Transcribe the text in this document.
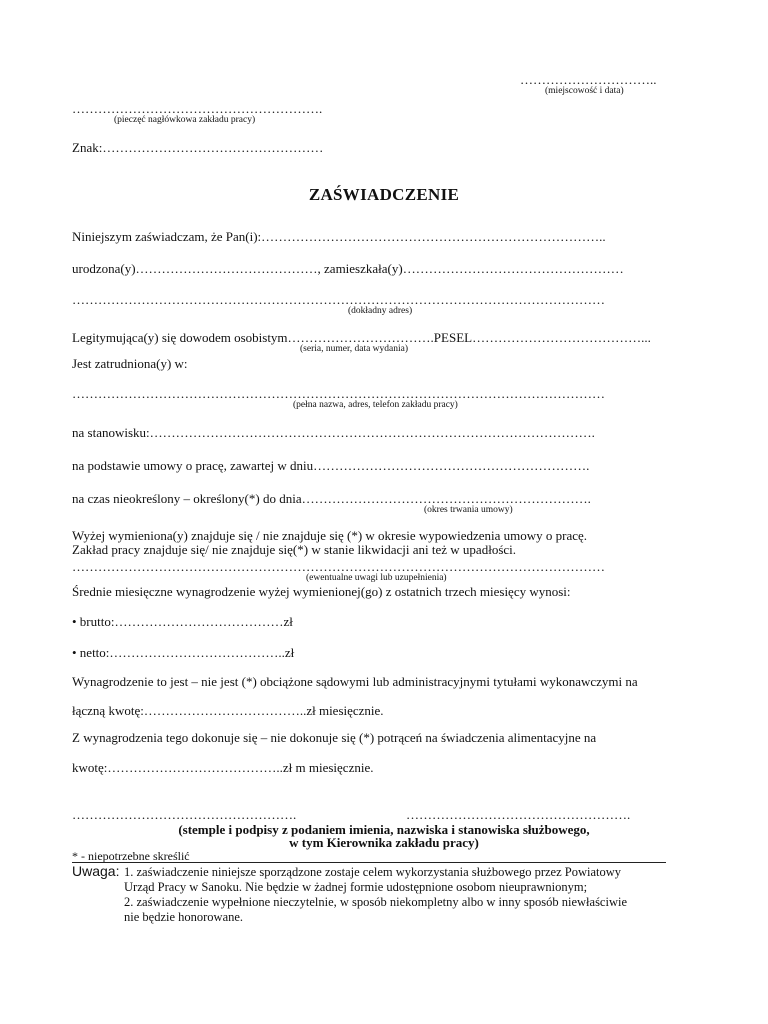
…………………………..
(miejscowość i data)
………………………………………………….
(pieczęć nagłówkowa zakładu pracy)
Znak:……………………………………………
ZAŚWIADCZENIE
Niniejszym zaświadczam, że Pan(i):……………………………………………………………………..
urodzona(y)……………………………………, zamieszkała(y)……………………………………………
……………………………………………………………………………………………………………
(dokładny adres)
Legitymująca(y) się dowodem osobistym…………………………….PESEL…………………………………...
(seria, numer, data wydania)
Jest zatrudniona(y) w:
……………………………………………………………………………………………………………
(pełna nazwa, adres, telefon zakładu pracy)
na stanowisku:………………………………………………………………………………………….
na podstawie umowy o pracę, zawartej w dniu……………………………………………………….
na czas nieokreślony – określony(*) do dnia………………………………………………………….
(okres trwania umowy)
Wyżej wymieniona(y) znajduje się / nie znajduje się (*) w okresie wypowiedzenia umowy o pracę.
Zakład pracy znajduje się/ nie znajduje się(*) w stanie likwidacji ani też w upadłości.
……………………………………………………………………………………………………………
(ewentualne uwagi lub uzupełnienia)
Średnie miesięczne wynagrodzenie wyżej wymienionej(go) z ostatnich trzech miesięcy wynosi:
• brutto:…………………………………zł
• netto:…………………………………..zł
Wynagrodzenie to jest – nie jest (*) obciążone sądowymi lub administracyjnymi tytułami wykonawczymi na
łączną kwotę:………………………………..zł miesięcznie.
Z wynagrodzenia tego dokonuje się – nie dokonuje się (*) potrąceń na świadczenia alimentacyjne na
kwotę:…………………………………..zł m miesięcznie.
…………………………………………….	…………………………………………….
(stemple i podpisy z podaniem imienia, nazwiska i stanowiska służbowego,
w tym Kierownika zakładu pracy)
* - niepotrzebne skreślić
Uwaga: 1. zaświadczenie niniejsze sporządzone zostaje celem wykorzystania służbowego przez Powiatowy
Urząd Pracy w Sanoku. Nie będzie w żadnej formie udostępnione osobom nieuprawnionym;
2. zaświadczenie wypełnione nieczytelnie, w sposób niekompletny albo w inny sposób niewłaściwie
nie będzie honorowane.
